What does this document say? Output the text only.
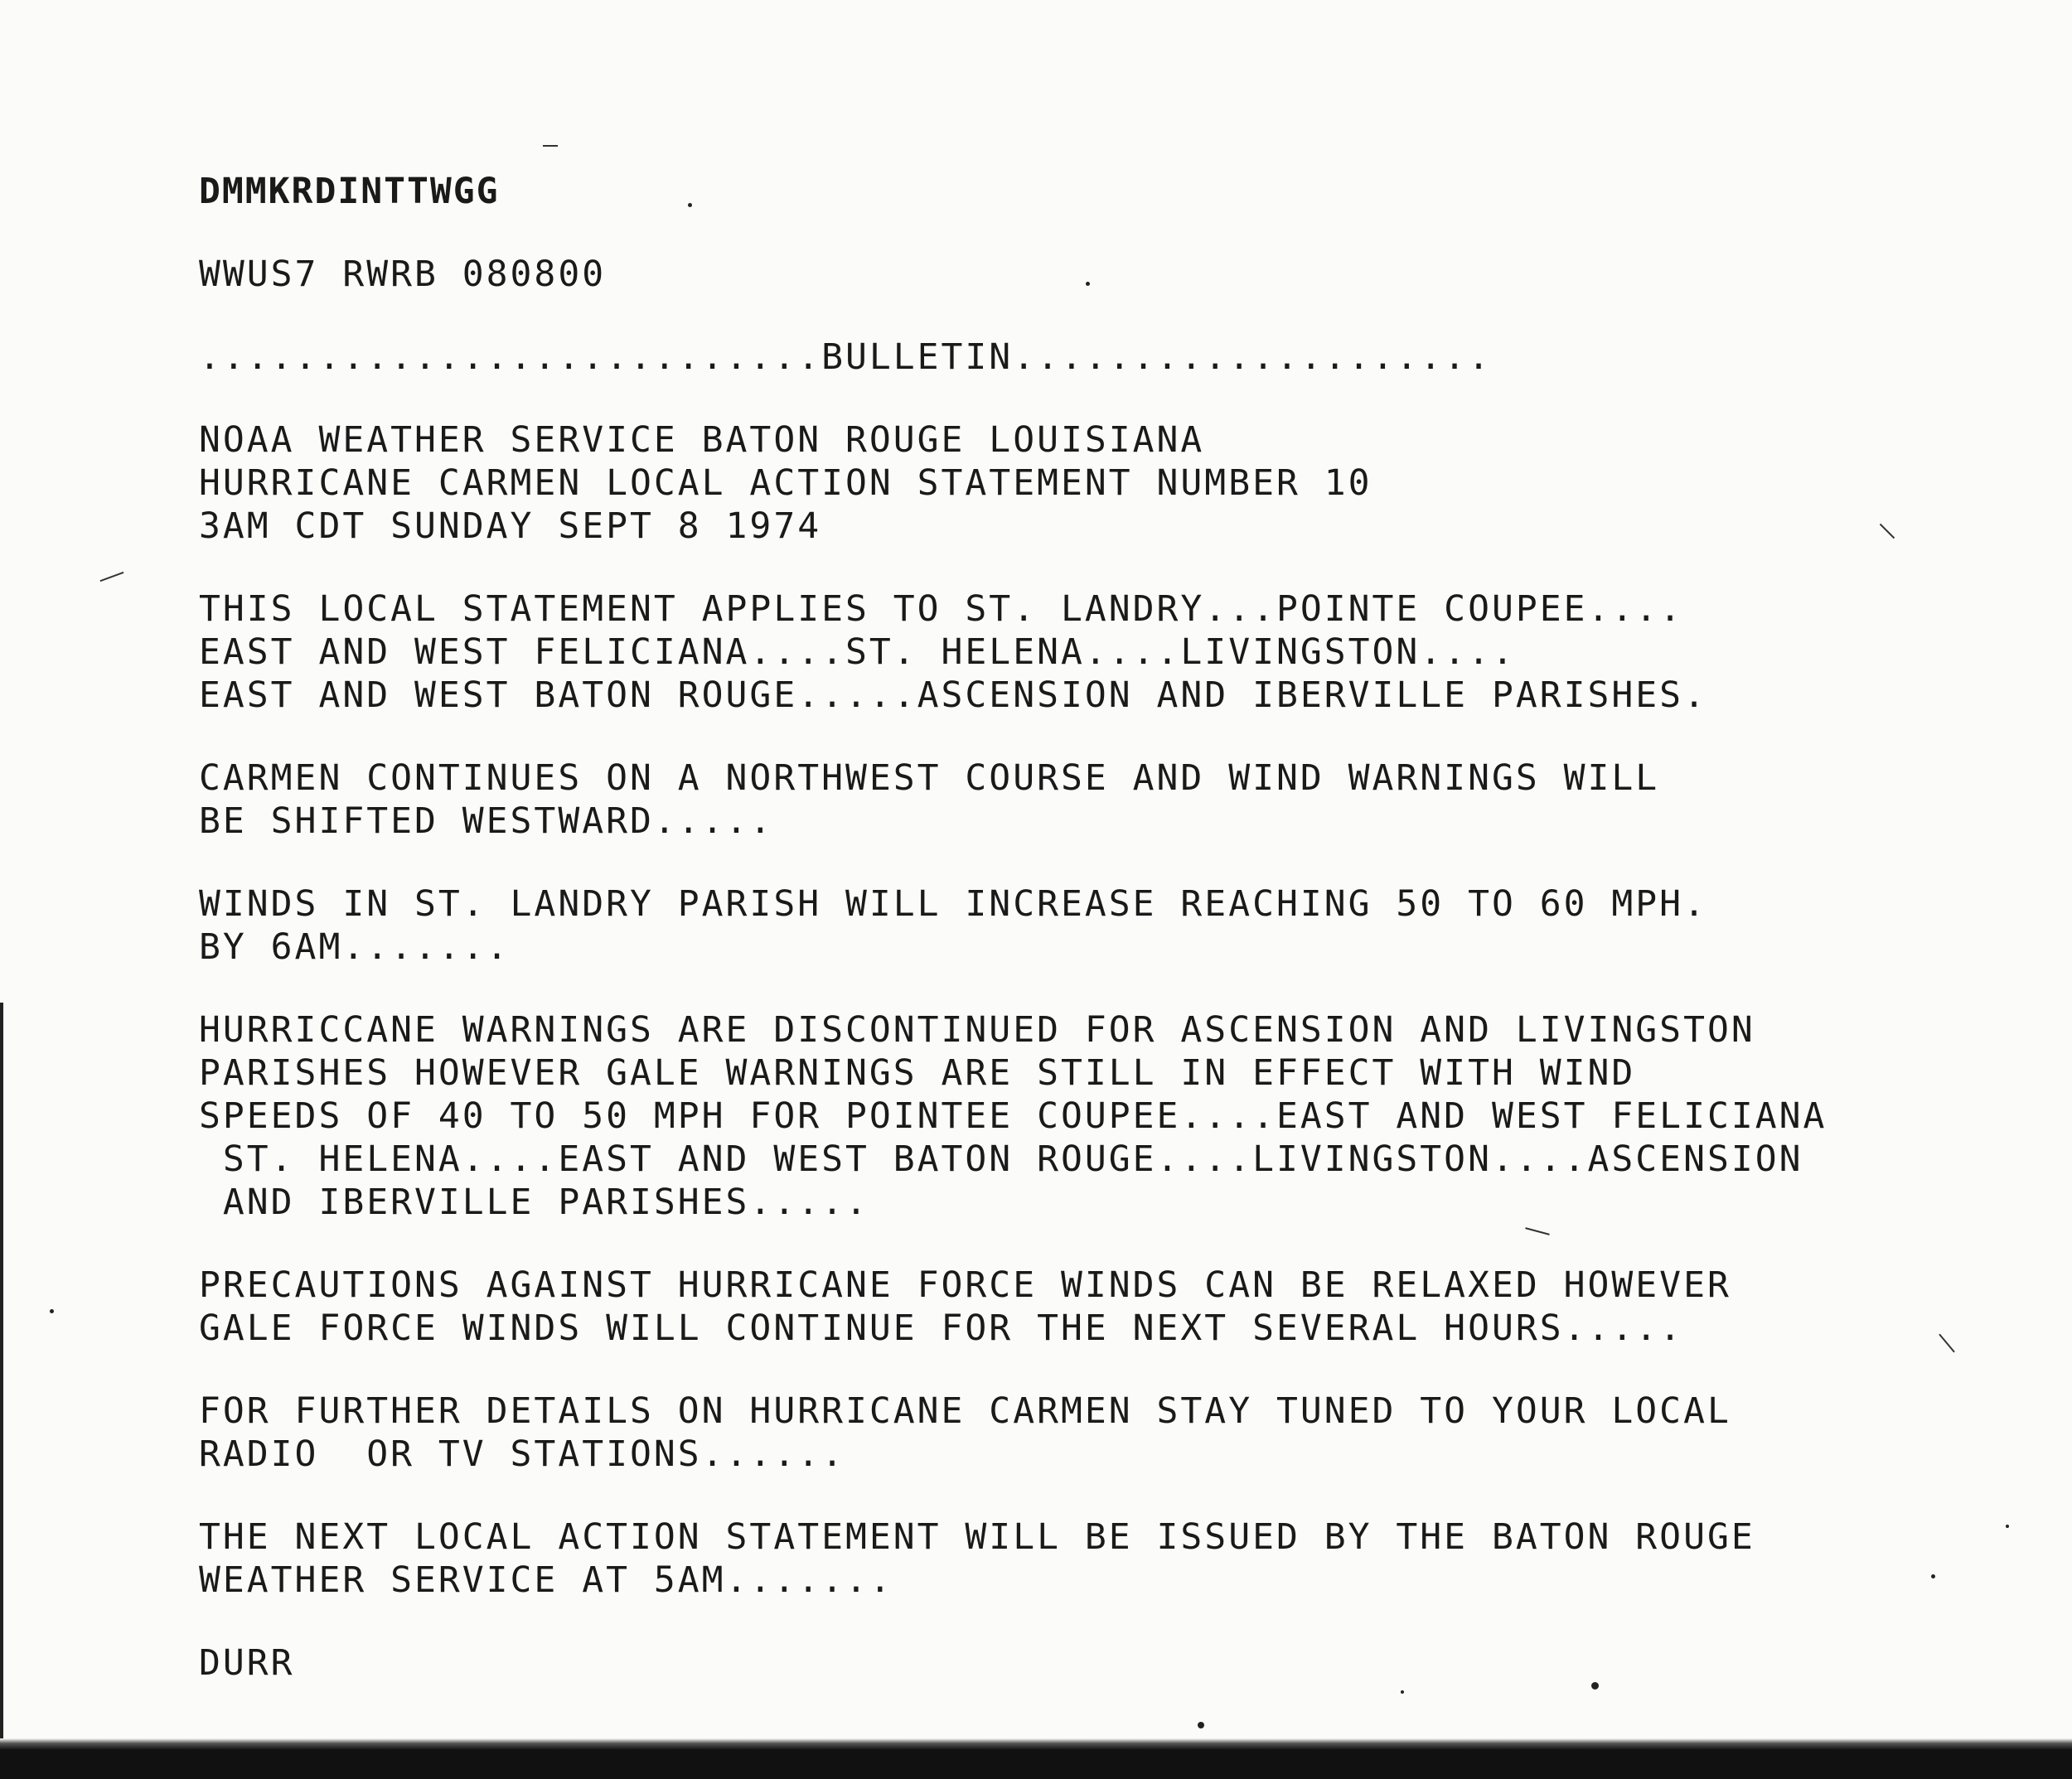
DMMKRDINTTWGG
WWUS7 RWRB 080800
..........................BULLETIN....................
NOAA WEATHER SERVICE BATON ROUGE LOUISIANA
HURRICANE CARMEN LOCAL ACTION STATEMENT NUMBER 10
3AM CDT SUNDAY SEPT 8 1974
THIS LOCAL STATEMENT APPLIES TO ST. LANDRY...POINTE COUPEE....
EAST AND WEST FELICIANA....ST. HELENA....LIVINGSTON....
EAST AND WEST BATON ROUGE.....ASCENSION AND IBERVILLE PARISHES.
CARMEN CONTINUES ON A NORTHWEST COURSE AND WIND WARNINGS WILL
BE SHIFTED WESTWARD.....
WINDS IN ST. LANDRY PARISH WILL INCREASE REACHING 50 TO 60 MPH.
BY 6AM.......
HURRICCANE WARNINGS ARE DISCONTINUED FOR ASCENSION AND LIVINGSTON
PARISHES HOWEVER GALE WARNINGS ARE STILL IN EFFECT WITH WIND
SPEEDS OF 40 TO 50 MPH FOR POINTEE COUPEE....EAST AND WEST FELICIANA
ST. HELENA....EAST AND WEST BATON ROUGE....LIVINGSTON....ASCENSION
AND IBERVILLE PARISHES.....
PRECAUTIONS AGAINST HURRICANE FORCE WINDS CAN BE RELAXED HOWEVER
GALE FORCE WINDS WILL CONTINUE FOR THE NEXT SEVERAL HOURS.....
FOR FURTHER DETAILS ON HURRICANE CARMEN STAY TUNED TO YOUR LOCAL
RADIO  OR TV STATIONS......
THE NEXT LOCAL ACTION STATEMENT WILL BE ISSUED BY THE BATON ROUGE
WEATHER SERVICE AT 5AM.......
DURR
